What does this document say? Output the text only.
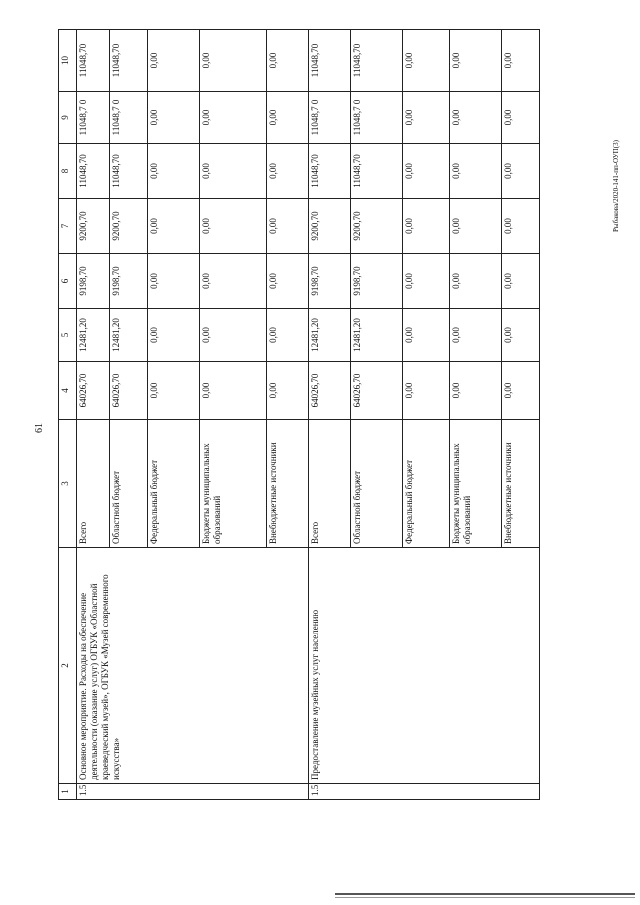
61
Рыбакова/2020-141-пп-ОУП(3)
1	2	3	4	5	6	7	8	9	10
1.5	Основное мероприятие. Расходы на обеспечение деятельности (оказание услуг) ОГБУК «Областной краеведческий музей», ОГБУК «Музей современного искусства»	Всего	64026,70	12481,20	9198,70	9200,70	11048,70	11048,7 0	11048,70
		Областной бюджет	64026,70	12481,20	9198,70	9200,70	11048,70	11048,7 0	11048,70
		Федеральный бюджет	0,00	0,00	0,00	0,00	0,00	0,00	0,00
		Бюджеты муниципальных образований	0,00	0,00	0,00	0,00	0,00	0,00	0,00
		Внебюджетные источники	0,00	0,00	0,00	0,00	0,00	0,00	0,00
1.5.1	Предоставление музейных услуг населению	Всего	64026,70	12481,20	9198,70	9200,70	11048,70	11048,7 0	11048,70
		Областной бюджет	64026,70	12481,20	9198,70	9200,70	11048,70	11048,7 0	11048,70
		Федеральный бюджет	0,00	0,00	0,00	0,00	0,00	0,00	0,00
		Бюджеты муниципальных образований	0,00	0,00	0,00	0,00	0,00	0,00	0,00
		Внебюджетные источники	0,00	0,00	0,00	0,00	0,00	0,00	0,00
